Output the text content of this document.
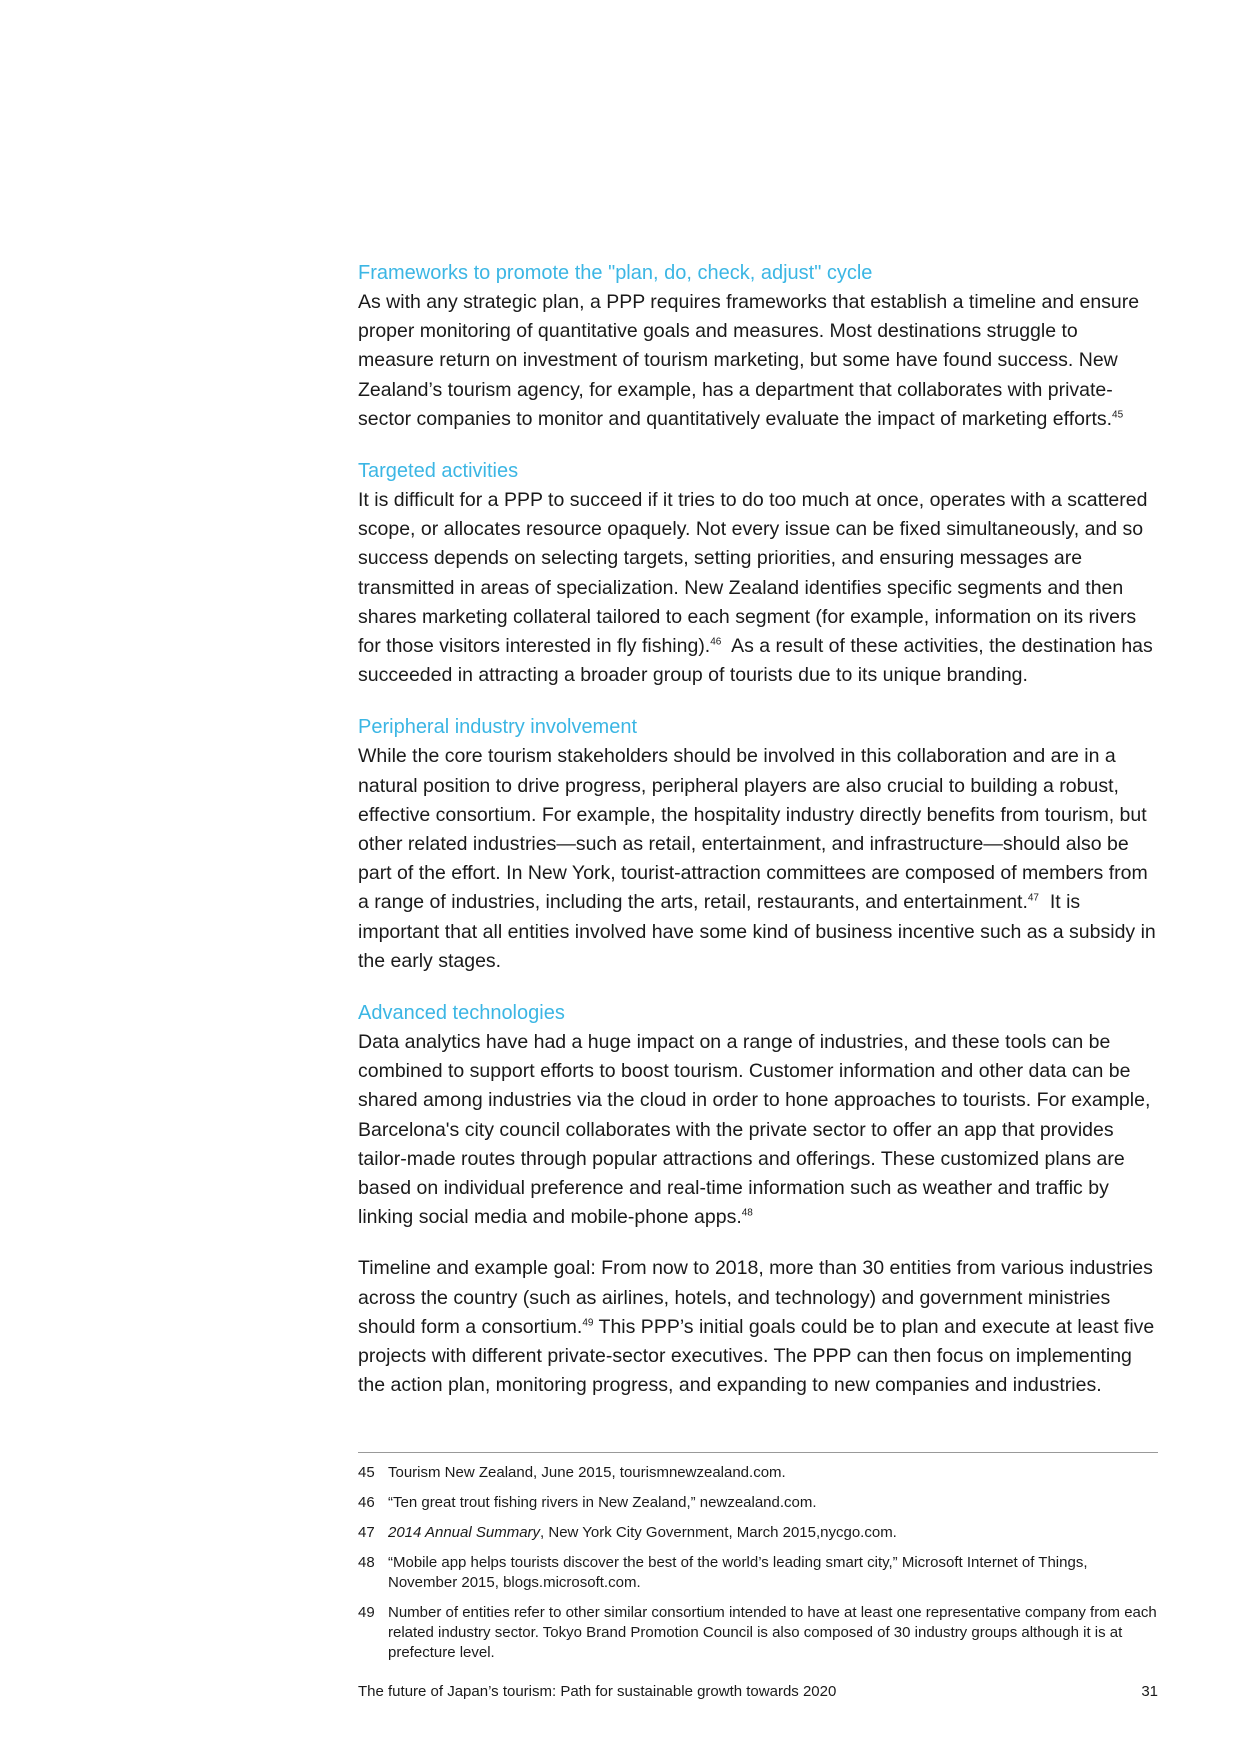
Frameworks to promote the "plan, do, check, adjust" cycle

As with any strategic plan, a PPP requires frameworks that establish a timeline and ensure proper monitoring of quantitative goals and measures. Most destinations struggle to measure return on investment of tourism marketing, but some have found success. New Zealand’s tourism agency, for example, has a department that collaborates with private-sector companies to monitor and quantitatively evaluate the impact of marketing efforts.$^{45}$

Targeted activities

It is difficult for a PPP to succeed if it tries to do too much at once, operates with a scattered scope, or allocates resource opaquely. Not every issue can be fixed simultaneously, and so success depends on selecting targets, setting priorities, and ensuring messages are transmitted in areas of specialization. New Zealand identifies specific segments and then shares marketing collateral tailored to each segment (for example, information on its rivers for those visitors interested in fly fishing).$^{46}$  As a result of these activities, the destination has succeeded in attracting a broader group of tourists due to its unique branding.

Peripheral industry involvement

While the core tourism stakeholders should be involved in this collaboration and are in a natural position to drive progress, peripheral players are also crucial to building a robust, effective consortium. For example, the hospitality industry directly benefits from tourism, but other related industries—such as retail, entertainment, and infrastructure—should also be part of the effort. In New York, tourist-attraction committees are composed of members from a range of industries, including the arts, retail, restaurants, and entertainment.$^{47}$  It is important that all entities involved have some kind of business incentive such as a subsidy in the early stages.

Advanced technologies

Data analytics have had a huge impact on a range of industries, and these tools can be combined to support efforts to boost tourism. Customer information and other data can be shared among industries via the cloud in order to hone approaches to tourists. For example, Barcelona's city council collaborates with the private sector to offer an app that provides tailor-made routes through popular attractions and offerings. These customized plans are based on individual preference and real-time information such as weather and traffic by linking social media and mobile-phone apps.$^{48}$

Timeline and example goal: From now to 2018, more than 30 entities from various industries across the country (such as airlines, hotels, and technology) and government ministries should form a consortium.$^{49}$ This PPP’s initial goals could be to plan and execute at least five projects with different private-sector executives. The PPP can then focus on implementing the action plan, monitoring progress, and expanding to new companies and industries.

45 Tourism New Zealand, June 2015, tourismnewzealand.com.
46 “Ten great trout fishing rivers in New Zealand,” newzealand.com.
47 2014 Annual Summary, New York City Government, March 2015,nycgo.com.
48 “Mobile app helps tourists discover the best of the world’s leading smart city,” Microsoft Internet of Things, November 2015, blogs.microsoft.com.
49 Number of entities refer to other similar consortium intended to have at least one representative company from each related industry sector. Tokyo Brand Promotion Council is also composed of 30 industry groups although it is at prefecture level.
The future of Japan’s tourism: Path for sustainable growth towards 2020	31
